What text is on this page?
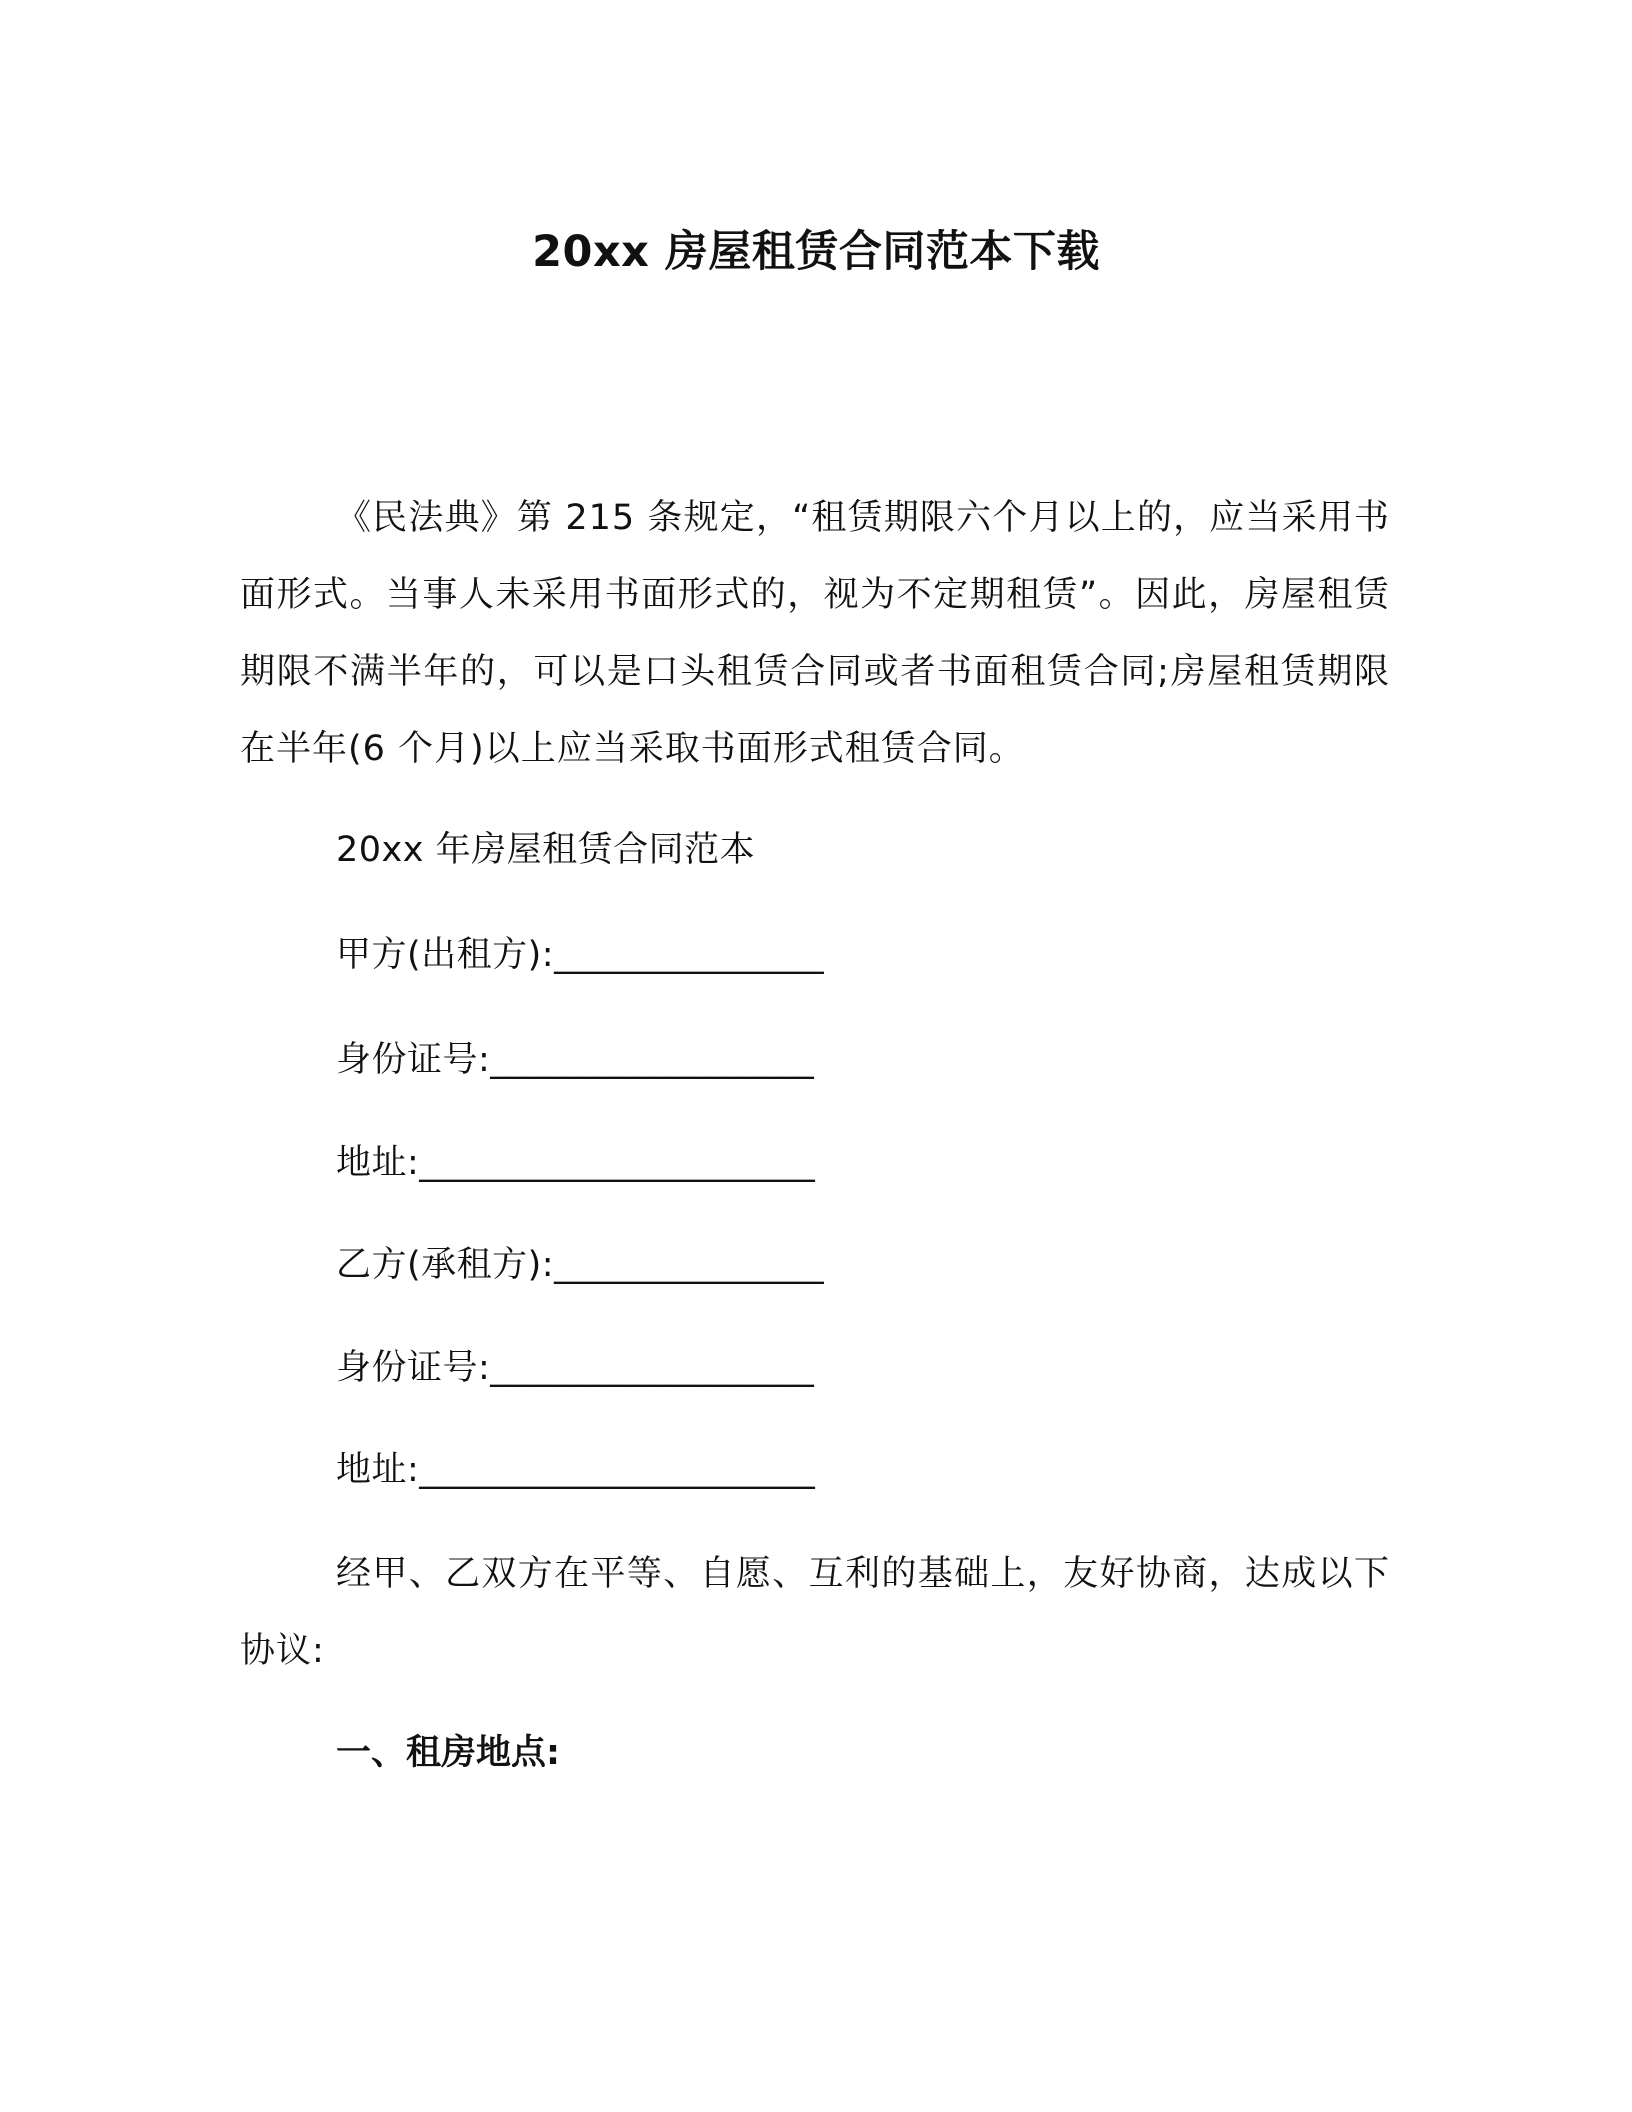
20xx 房屋租赁合同范本下载

《民法典》第 215 条规定，“租赁期限六个月以上的，应当采用书面形式。当事人未采用书面形式的，视为不定期租赁”。因此，房屋租赁期限不满半年的，可以是口头租赁合同或者书面租赁合同;房屋租赁期限在半年(6 个月)以上应当采取书面形式租赁合同。

20xx 年房屋租赁合同范本

甲方(出租方):_______________

身份证号:__________________

地址:______________________

乙方(承租方):_______________

身份证号:__________________

地址:______________________

经甲、乙双方在平等、自愿、互利的基础上，友好协商，达成以下协议:

一、租房地点:
